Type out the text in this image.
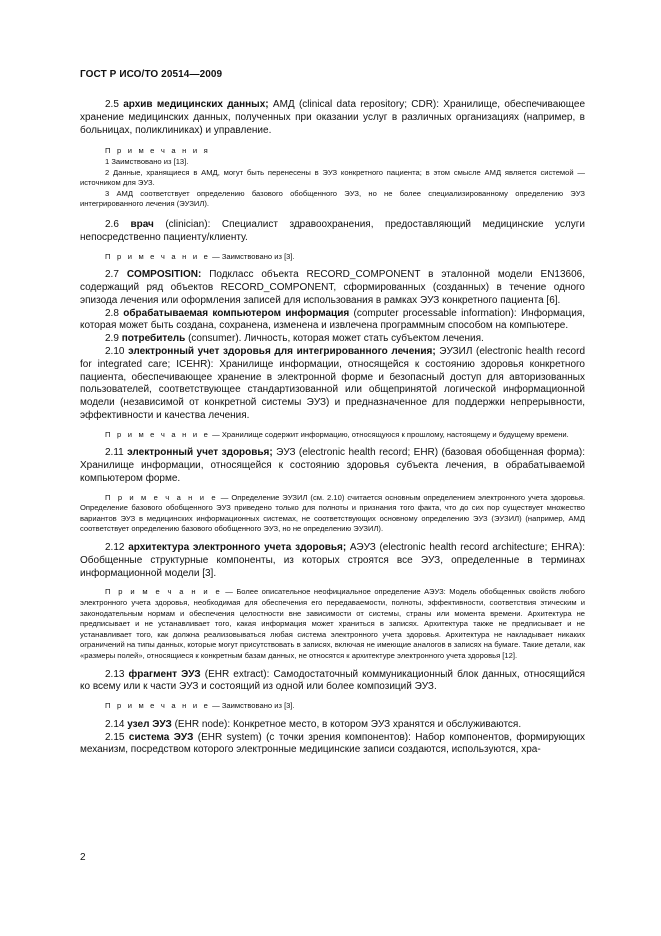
ГОСТ Р ИСО/ТО 20514—2009

2.5 архив медицинских данных; АМД (clinical data repository; CDR): Хранилище, обеспечивающее хранение медицинских данных, полученных при оказании услуг в различных организациях (например, в больницах, поликлиниках) и управление.

П р и м е ч а н и я

1 Заимствовано из [13].

2 Данные, хранящиеся в АМД, могут быть перенесены в ЭУЗ конкретного пациента; в этом смысле АМД является системой — источником для ЭУЗ.

3 АМД соответствует определению базового обобщенного ЭУЗ, но не более специализированному определению ЭУЗ интегрированного лечения (ЭУЗИЛ).

2.6 врач (clinician): Специалист здравоохранения, предоставляющий медицинские услуги непосредственно пациенту/клиенту.

П р и м е ч а н и е — Заимствовано из [3].

2.7 COMPOSITION: Подкласс объекта RECORD_COMPONENT в эталонной модели EN13606, содержащий ряд объектов RECORD_COMPONENT, сформированных (созданных) в течение одного эпизода лечения или оформления записей для использования в рамках ЭУЗ конкретного пациента [6].

2.8 обрабатываемая компьютером информация (computer processable information): Информация, которая может быть создана, сохранена, изменена и извлечена программным способом на компьютере.

2.9 потребитель (consumer). Личность, которая может стать субъектом лечения.

2.10 электронный учет здоровья для интегрированного лечения; ЭУЗИЛ (electronic health record for integrated care; ICEHR): Хранилище информации, относящейся к состоянию здоровья конкретного пациента, обеспечивающее хранение в электронной форме и безопасный доступ для авторизованных пользователей, соответствующее стандартизованной или общепринятой логической информационной модели (независимой от конкретной системы ЭУЗ) и предназначенное для поддержки непрерывности, эффективности и качества лечения.

П р и м е ч а н и е — Хранилище содержит информацию, относящуюся к прошлому, настоящему и будущему времени.

2.11 электронный учет здоровья; ЭУЗ (electronic health record; EHR) (базовая обобщенная форма): Хранилище информации, относящейся к состоянию здоровья субъекта лечения, в обрабатываемой компьютером форме.

П р и м е ч а н и е — Определение ЭУЗИЛ (см. 2.10) считается основным определением электронного учета здоровья. Определение базового обобщенного ЭУЗ приведено только для полноты и признания того факта, что до сих пор существует множество вариантов ЭУЗ в медицинских информационных системах, не соответствующих основному определению ЭУЗ (ЭУЗИЛ) (например, АМД соответствует определению базового обобщенного ЭУЗ, но не определению ЭУЗИЛ).

2.12 архитектура электронного учета здоровья; АЭУЗ (electronic health record architecture; EHRA): Обобщенные структурные компоненты, из которых строятся все ЭУЗ, определенные в терминах информационной модели [3].

П р и м е ч а н и е — Более описательное неофициальное определение АЭУЗ: Модель обобщенных свойств любого электронного учета здоровья, необходимая для обеспечения его передаваемости, полноты, эффективности, соответствия этическим и законодательным нормам и обеспечения целостности вне зависимости от системы, страны или момента времени. Архитектура не предписывает и не устанавливает того, какая информация может храниться в записях. Архитектура также не предписывает и не устанавливает того, как должна реализовываться любая система электронного учета здоровья. Архитектура не накладывает никаких ограничений на типы данных, которые могут присутствовать в записях, включая не имеющие аналогов в записях на бумаге. Такие детали, как «размеры полей», относящиеся к конкретным базам данных, не относятся к архитектуре электронного учета здоровья [12].

2.13 фрагмент ЭУЗ (EHR extract): Самодостаточный коммуникационный блок данных, относящийся ко всему или к части ЭУЗ и состоящий из одной или более композиций ЭУЗ.

П р и м е ч а н и е — Заимствовано из [3].

2.14 узел ЭУЗ (EHR node): Конкретное место, в котором ЭУЗ хранятся и обслуживаются.

2.15 система ЭУЗ (EHR system) (с точки зрения компонентов): Набор компонентов, формирующих механизм, посредством которого электронные медицинские записи создаются, используются, хра-

2
